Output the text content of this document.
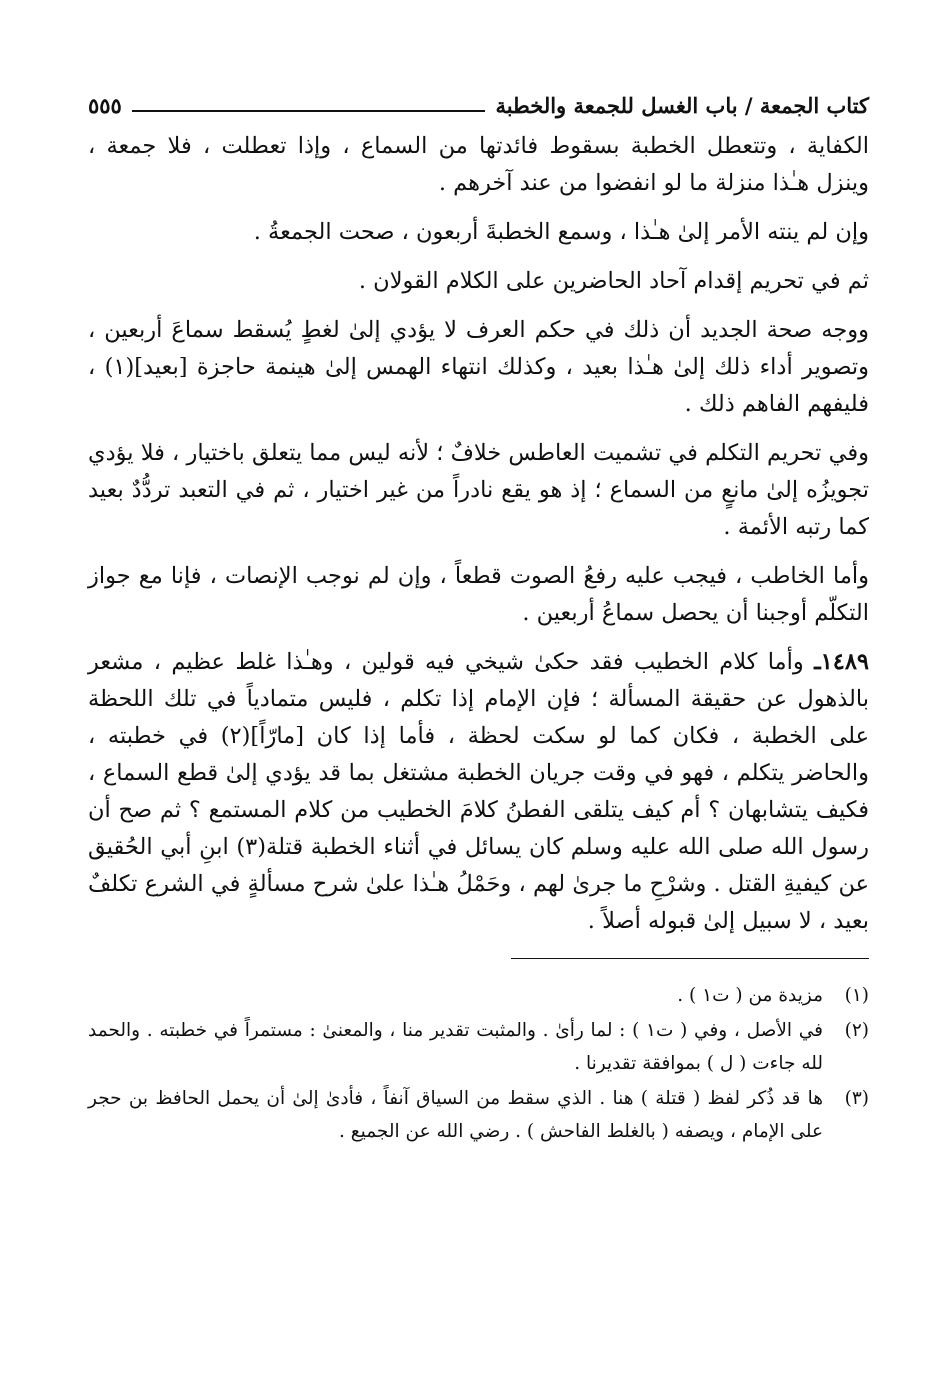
كتاب الجمعة / باب الغسل للجمعة والخطبة
٥٥٥

الكفاية ، وتتعطل الخطبة بسقوط فائدتها من السماع ، وإذا تعطلت ، فلا جمعة ، وينزل هـٰذا منزلة ما لو انفضوا من عند آخرهم .

وإن لم ينته الأمر إلىٰ هـٰذا ، وسمع الخطبةَ أربعون ، صحت الجمعةُ .

ثم في تحريم إقدام آحاد الحاضرين على الكلام القولان .

ووجه صحة الجديد أن ذلك في حكم العرف لا يؤدي إلىٰ لغطٍ يُسقط سماعَ أربعين ، وتصوير أداء ذلك إلىٰ هـٰذا بعيد ، وكذلك انتهاء الهمس إلىٰ هينمة حاجزة [بعيد](١) ، فليفهم الفاهم ذلك .

وفي تحريم التكلم في تشميت العاطس خلافٌ ؛ لأنه ليس مما يتعلق باختيار ، فلا يؤدي تجويزُه إلىٰ مانعٍ من السماع ؛ إذ هو يقع نادراً من غير اختيار ، ثم في التعبد تردُّدٌ بعيد كما رتبه الأئمة .

وأما الخاطب ، فيجب عليه رفعُ الصوت قطعاً ، وإن لم نوجب الإنصات ، فإنا مع جواز التكلّم أوجبنا أن يحصل سماعُ أربعين .

١٤٨٩ـ وأما كلام الخطيب فقد حكىٰ شيخي فيه قولين ، وهـٰذا غلط عظيم ، مشعر بالذهول عن حقيقة المسألة ؛ فإن الإمام إذا تكلم ، فليس متمادياً في تلك اللحظة على الخطبة ، فكان كما لو سكت لحظة ، فأما إذا كان [مارّاً](٢) في خطبته ، والحاضر يتكلم ، فهو في وقت جريان الخطبة مشتغل بما قد يؤدي إلىٰ قطع السماع ، فكيف يتشابهان ؟ أم كيف يتلقى الفطنُ كلامَ الخطيب من كلام المستمع ؟ ثم صح أن رسول الله صلى الله عليه وسلم كان يسائل في أثناء الخطبة قتلة(٣) ابنِ أبي الحُقيق عن كيفيةِ القتل . وشرْحِ ما جرىٰ لهم ، وحَمْلُ هـٰذا علىٰ شرح مسألةٍ في الشرع تكلفٌ بعيد ، لا سبيل إلىٰ قبوله أصلاً .

(١)
مزيدة من ( ت١ ) .
(٢)
في الأصل ، وفي ( ت١ ) : لما رأىٰ . والمثبت تقدير منا ، والمعنىٰ : مستمراً في خطبته . والحمد لله جاءت ( ل ) بموافقة تقديرنا .
(٣)
ها قد ذُكر لفظ ( قتلة ) هنا . الذي سقط من السياق آنفاً ، فأدىٰ إلىٰ أن يحمل الحافظ بن حجر على الإمام ، ويصفه ( بالغلط الفاحش ) . رضي الله عن الجميع .
